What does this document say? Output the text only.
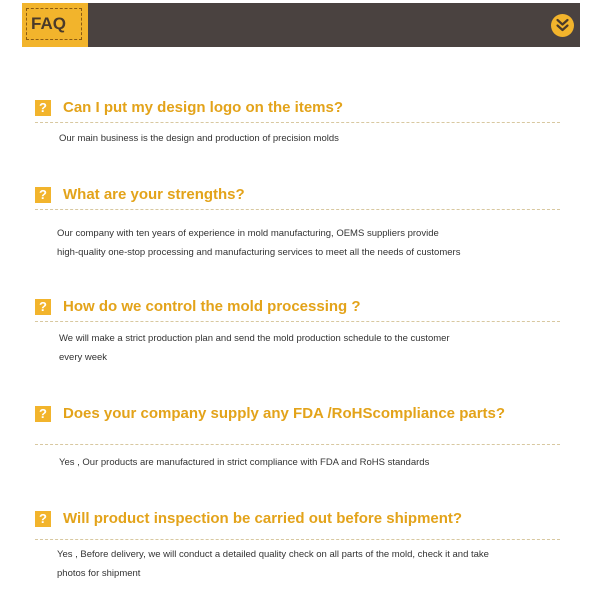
FAQ
? Can I put my design logo on the items?
Our main business is the design and production of precision molds
? What are your strengths?
Our company with ten years of experience in mold manufacturing, OEMS suppliers provide
high-quality one-stop processing and manufacturing services to meet all the needs of customers
? How do we control the mold processing ?
We will make a strict production plan and send the mold production schedule to the customer
every week
? Does your company supply any FDA /RoHScompliance parts?
Yes , Our products are manufactured in strict compliance with FDA and RoHS standards
? Will product inspection be carried out before shipment?
Yes , Before delivery, we will conduct a detailed quality check on all parts of the mold, check it and take
photos for shipment
